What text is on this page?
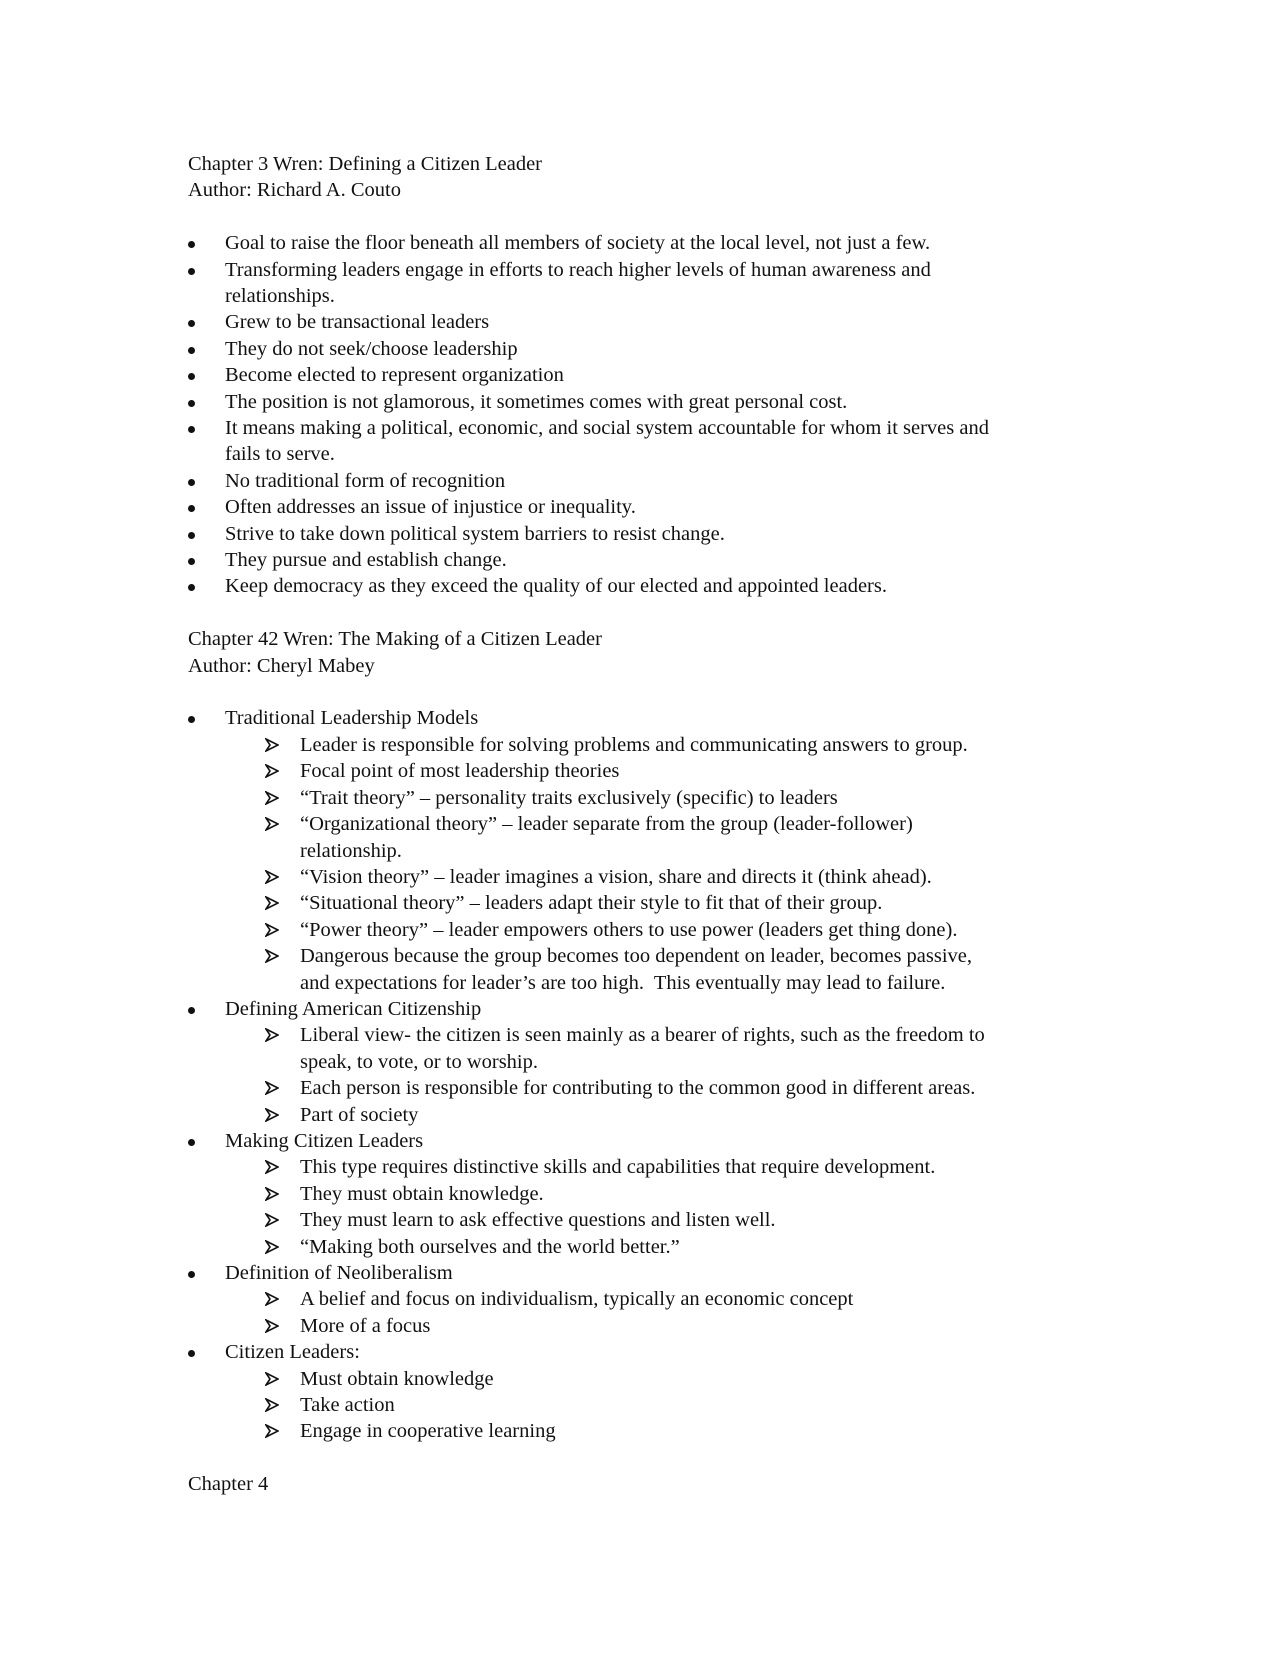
Chapter 3 Wren: Defining a Citizen Leader

Author: Richard A. Couto

Goal to raise the floor beneath all members of society at the local level, not just a few.
Transforming leaders engage in efforts to reach higher levels of human awareness and
relationships.
Grew to be transactional leaders
They do not seek/choose leadership
Become elected to represent organization
The position is not glamorous, it sometimes comes with great personal cost.
It means making a political, economic, and social system accountable for whom it serves and
fails to serve.
No traditional form of recognition
Often addresses an issue of injustice or inequality.
Strive to take down political system barriers to resist change.
They pursue and establish change.
Keep democracy as they exceed the quality of our elected and appointed leaders.

Chapter 42 Wren: The Making of a Citizen Leader

Author: Cheryl Mabey

Traditional Leadership Models
Leader is responsible for solving problems and communicating answers to group.
Focal point of most leadership theories
“Trait theory” – personality traits exclusively (specific) to leaders
“Organizational theory” – leader separate from the group (leader-follower)
relationship.
“Vision theory” – leader imagines a vision, share and directs it (think ahead).
“Situational theory” – leaders adapt their style to fit that of their group.
“Power theory” – leader empowers others to use power (leaders get thing done).
Dangerous because the group becomes too dependent on leader, becomes passive,
and expectations for leader’s are too high.  This eventually may lead to failure.
Defining American Citizenship
Liberal view- the citizen is seen mainly as a bearer of rights, such as the freedom to
speak, to vote, or to worship.
Each person is responsible for contributing to the common good in different areas.
Part of society
Making Citizen Leaders
This type requires distinctive skills and capabilities that require development.
They must obtain knowledge.
They must learn to ask effective questions and listen well.
“Making both ourselves and the world better.”
Definition of Neoliberalism
A belief and focus on individualism, typically an economic concept
More of a focus
Citizen Leaders:
Must obtain knowledge
Take action
Engage in cooperative learning

Chapter 4
